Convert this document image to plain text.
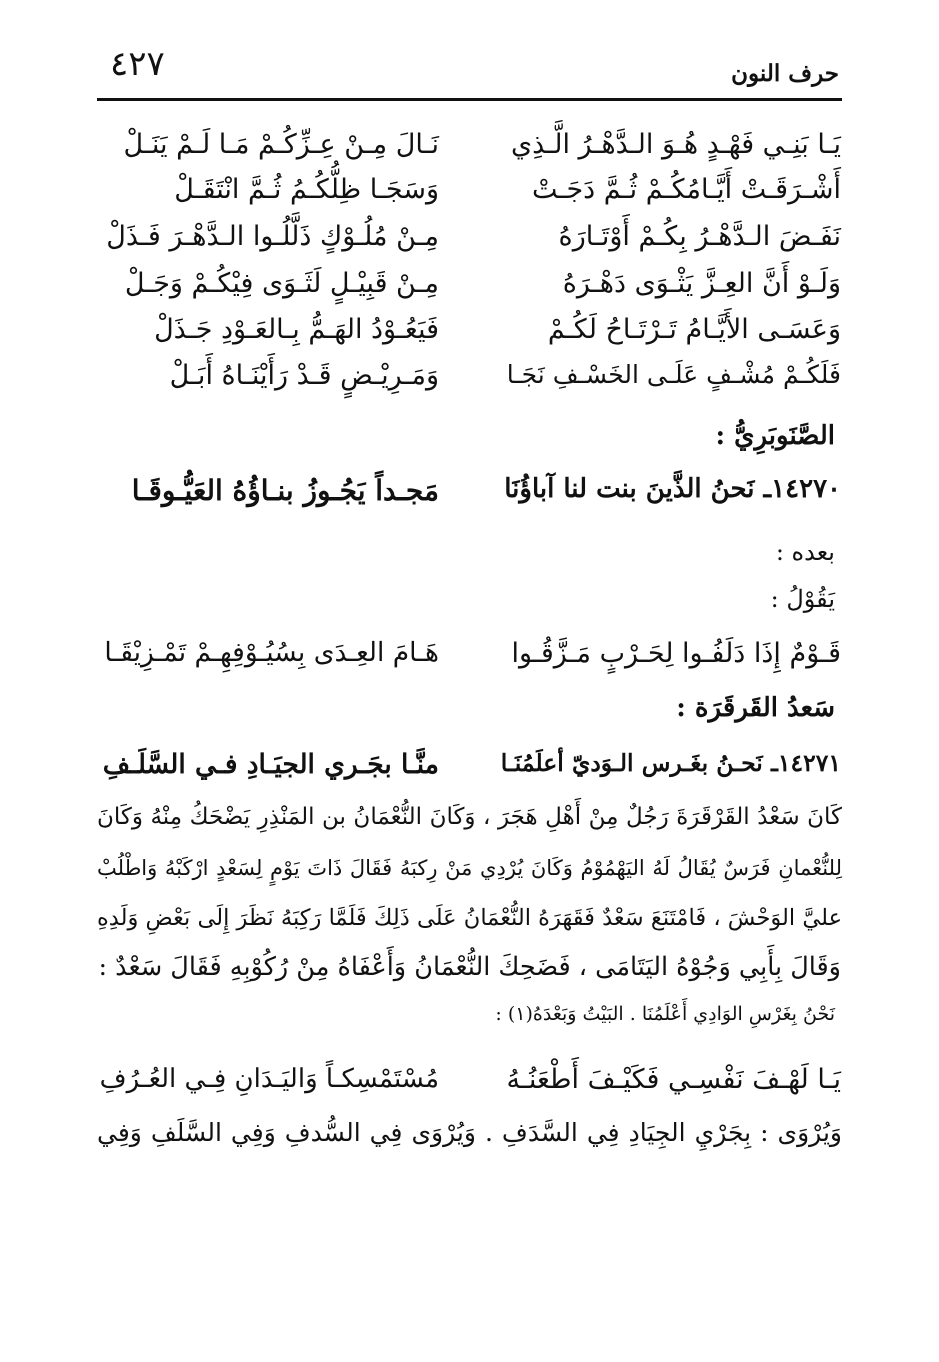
٤٢٧	حرف النون
يَـا بَنِـي فَهْـدٍ هُـوَ الـدَّهْـرُ الَّـذِي
نَـالَ مِـنْ عِـزِّكُـمْ مَـا لَـمْ يَنَـلْ
أَشْـرَقَـتْ أَيَّـامُكُـمْ ثُـمَّ دَجَـتْ
وَسَجَـا ظِلُّكُـمُ ثُـمَّ انْتَقَـلْ
نَفَـضَ الـدَّهْـرُ بِكُـمْ أَوْتَـارَهُ
مِـنْ مُلُـوْكٍ ذَلَّلُـوا الـدَّهْـرَ فَـذَلْ
وَلَـوْ أَنَّ العِـزَّ يَثْـوَى دَهْـرَهُ
مِـنْ قَبِيْـلٍ لَثَـوَى فِيْكُـمْ وَجَـلْ
وَعَسَـى الأَيَّـامُ تَـرْتَـاحُ لَكُـمْ
فَيَعُـوْدُ الهَـمُّ بِـالعَـوْدِ جَـذَلْ
فَلَكُـمْ مُشْـفٍ عَلَـى الخَسْـفِ نَجَـا
وَمَـرِيْـضٍ قَـدْ رَأَيْنَـاهُ أَبَـلْ
الصَّنَوبَرِيُّ :
١٤٢٧٠ـ نَحنُ الذَّينَ بنت لنا آباؤُنَا
مَجـداً يَجُـوزُ بنـاؤُهُ العَيُّـوقَـا
بعده :
يَقُوْلُ :
قَـوْمٌ إِذَا دَلَفُـوا لِحَـرْبٍ مَـزَّقُـوا
هَـامَ العِـدَى بِسُيُـوْفِهِـمْ تَمْـزِيْقَـا
سَعدُ القَرقَرَة :
١٤٢٧١ـ نَحـنُ بغَـرس الـوَديّ أعلَمُنَـا
منَّـا بجَـري الجيَـادِ فـي السَّلَـفِ
كَانَ سَعْدُ القَرْقَرَةَ رَجُلٌ مِنْ أَهْلِ هَجَرَ ، وَكَانَ النُّعْمَانُ بن المَنْذِرِ يَضْحَكُ مِنْهُ وَكَانَ
لِلنُّعْمانِ فَرَسٌ يُقَالُ لَهُ اليَهْمُوْمُ وَكَانَ يُرْدِي مَنْ رِكبَهُ فَقَالَ ذَاتَ يَوْمٍ لِسَعْدٍ ارْكَبْهُ وَاطْلُبْ
عليَّ الوَحْشَ ، فَامْتَنَعَ سَعْدٌ فَقَهَرَهُ النُّعْمَانُ عَلَى ذَلِكَ فَلَمَّا رَكِبَهُ نَظَرَ إِلَى بَعْضِ وَلَدِهِ
وَقَالَ بِأَبِي وَجُوْهُ اليَتَامَى ، فَضَحِكَ النُّعْمَانُ وَأَعْفَاهُ مِنْ رُكُوْبِهِ فَقَالَ سَعْدٌ :
نَحْنُ بِغَرْسِ الوَادِي أَعْلَمُنَا . البَيْتُ وَبَعْدَهُ(١) :
يَـا لَهْـفَ نَفْسِـي فَكَيْـفَ أَطْعَنُـهُ
مُسْتَمْسِكـاً وَاليَـدَانِ فِـي العُـرُفِ
وَيُرْوَى : بِجَرْيِ الجِيَادِ فِي السَّدَفِ . وَيُرْوَى فِي السُّدفِ وَفِي السَّلَفِ وَفِي
